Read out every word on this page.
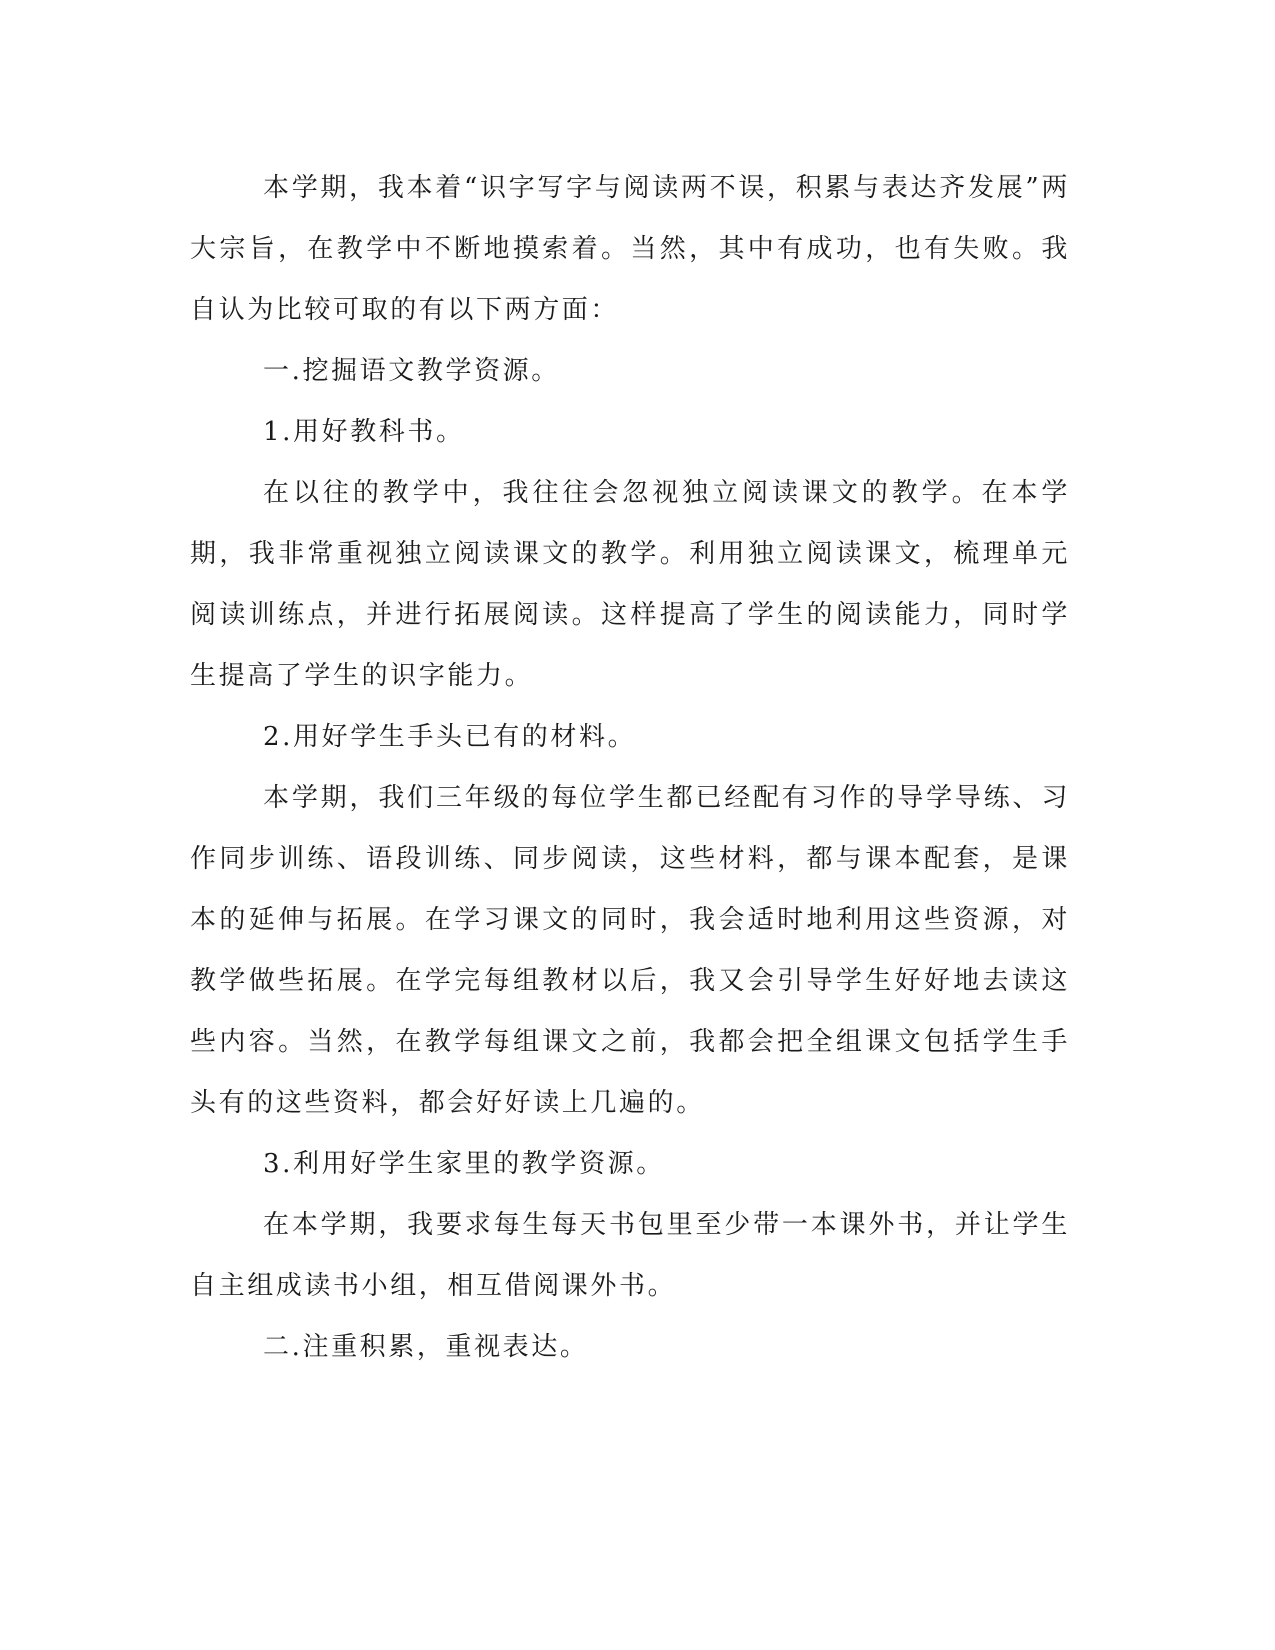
本学期，我本着“识字写字与阅读两不误，积累与表达齐发展”两大宗旨，在教学中不断地摸索着。当然，其中有成功，也有失败。我自认为比较可取的有以下两方面：

一.挖掘语文教学资源。

1.用好教科书。

在以往的教学中，我往往会忽视独立阅读课文的教学。在本学期，我非常重视独立阅读课文的教学。利用独立阅读课文，梳理单元阅读训练点，并进行拓展阅读。这样提高了学生的阅读能力，同时学生提高了学生的识字能力。

2.用好学生手头已有的材料。

本学期，我们三年级的每位学生都已经配有习作的导学导练、习作同步训练、语段训练、同步阅读，这些材料，都与课本配套，是课本的延伸与拓展。在学习课文的同时，我会适时地利用这些资源，对教学做些拓展。在学完每组教材以后，我又会引导学生好好地去读这些内容。当然，在教学每组课文之前，我都会把全组课文包括学生手头有的这些资料，都会好好读上几遍的。

3.利用好学生家里的教学资源。

在本学期，我要求每生每天书包里至少带一本课外书，并让学生自主组成读书小组，相互借阅课外书。

二.注重积累，重视表达。
